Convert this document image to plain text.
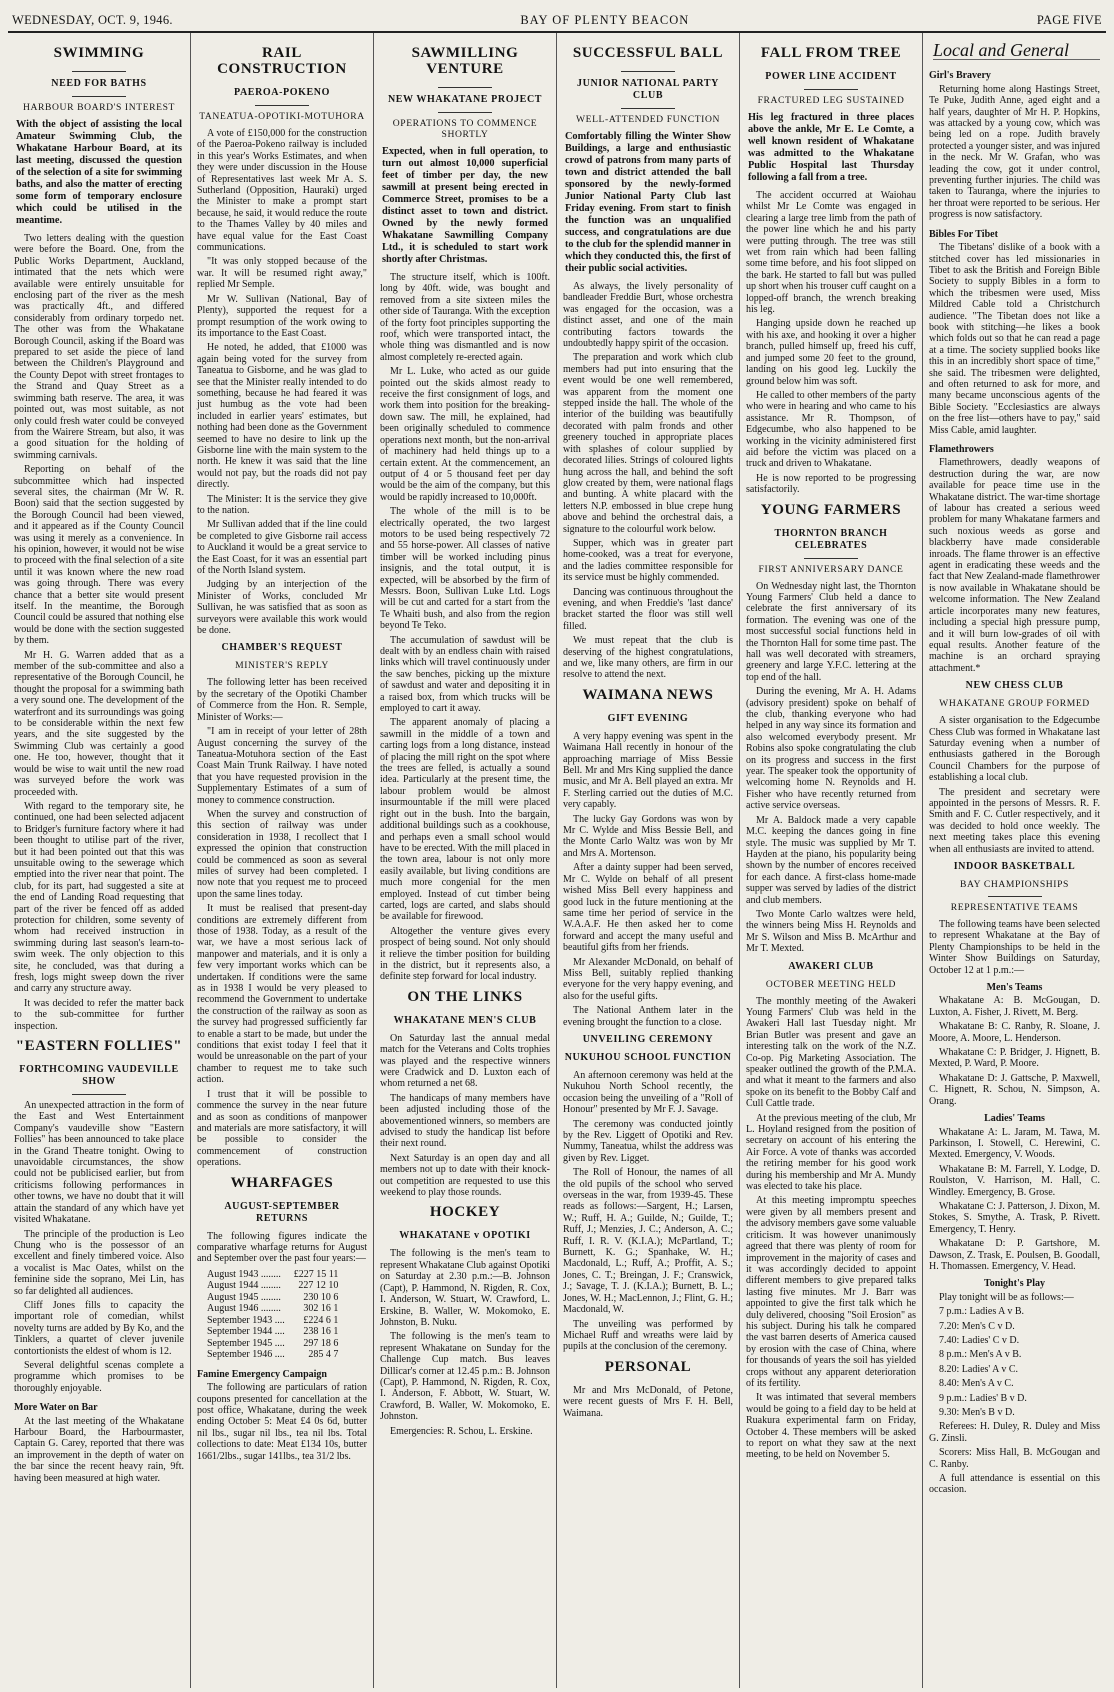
WEDNESDAY, OCT. 9, 1946.	BAY OF PLENTY BEACON	PAGE FIVE
SWIMMING
NEED FOR BATHS
HARBOUR BOARD'S INTEREST
With the object of assisting the local Amateur Swimming Club, the Whakatane Harbour Board, at its last meeting, discussed the question of the selection of a site for swimming baths, and also the matter of erecting some form of temporary enclosure which could be utilised in the meantime.

Two letters dealing with the question were before the Board. One, from the Public Works Department, Auckland, intimated that the nets which were available were entirely unsuitable for enclosing part of the river as the mesh was practically 4ft., and differed considerably from ordinary torpedo net. The other was from the Whakatane Borough Council, asking if the Board was prepared to set aside the piece of land between the Children's Playground and the County Depot with street frontages to the Strand and Quay Street as a swimming bath reserve. The area, it was pointed out, was most suitable, as not only could fresh water could be conveyed from the Wairere Stream, but also, it was a good situation for the holding of swimming carnivals.

Reporting on behalf of the subcommittee which had inspected several sites, the chairman (Mr W. R. Boon) said that the section suggested by the Borough Council had been viewed, and it appeared as if the County Council was using it merely as a convenience. In his opinion, however, it would not be wise to proceed with the final selection of a site until it was known where the new road was going through. There was every chance that a better site would present itself. In the meantime, the Borough Council could be assured that nothing else would be done with the section suggested by them.

Mr H. G. Warren added that as a member of the sub-committee and also a representative of the Borough Council, he thought the proposal for a swimming bath a very sound one. The development of the waterfront and its surroundings was going to be considerable within the next few years, and the site suggested by the Swimming Club was certainly a good one. He too, however, thought that it would be wise to wait until the new road was surveyed before the work was proceeded with.

With regard to the temporary site, he continued, one had been selected adjacent to Bridger's furniture factory where it had been thought to utilise part of the river, but it had been pointed out that this was unsuitable owing to the sewerage which emptied into the river near that point. The club, for its part, had suggested a site at the end of Landing Road requesting that part of the river be fenced off as added protection for children, some seventy of whom had received instruction in swimming during last season's learn-to-swim week. The only objection to this site, he concluded, was that during a fresh, logs might sweep down the river and carry any structure away.

It was decided to refer the matter back to the sub-committee for further inspection.

"EASTERN FOLLIES"
FORTHCOMING VAUDEVILLE SHOW

An unexpected attraction in the form of the East and West Entertainment Company's vaudeville show "Eastern Follies" has been announced to take place in the Grand Theatre tonight. Owing to unavoidable circumstances, the show could not be publicised earlier, but from criticisms following performances in other towns, we have no doubt that it will attain the standard of any which have yet visited Whakatane.

The principle of the production is Leo Chung who is the possessor of an excellent and finely timbered voice. Also a vocalist is Mac Oates, whilst on the feminine side the soprano, Mei Lin, has so far delighted all audiences.

Cliff Jones fills to capacity the important role of comedian, whilst novelty turns are added by By Ko, and the Tinklers, a quartet of clever juvenile contortionists the eldest of whom is 12.

Several delightful scenas complete a programme which promises to be thoroughly enjoyable.

More Water on Bar

At the last meeting of the Whakatane Harbour Board, the Harbourmaster, Captain G. Carey, reported that there was an improvement in the depth of water on the bar since the recent heavy rain, 9ft. having been measured at high water.

RAIL CONSTRUCTION
PAEROA-POKENO
TANEATUA-OPOTIKI-MOTUHORA

A vote of £150,000 for the construction of the Paeroa-Pokeno railway is included in this year's Works Estimates, and when they were under discussion in the House of Representatives last week Mr A. S. Sutherland (Opposition, Hauraki) urged the Minister to make a prompt start because, he said, it would reduce the route to the Thames Valley by 40 miles and have equal value for the East Coast communications.

"It was only stopped because of the war. It will be resumed right away," replied Mr Semple.

Mr W. Sullivan (National, Bay of Plenty), supported the request for a prompt resumption of the work owing to its importance to the East Coast.

He noted, he added, that £1000 was again being voted for the survey from Taneatua to Gisborne, and he was glad to see that the Minister really intended to do something, because he had feared it was just humbug as the vote had been included in earlier years' estimates, but nothing had been done as the Government seemed to have no desire to link up the Gisborne line with the main system to the north. He knew it was said that the line would not pay, but the roads did not pay directly.

The Minister: It is the service they give to the nation.

Mr Sullivan added that if the line could be completed to give Gisborne rail access to Auckland it would be a great service to the East Coast, for it was an essential part of the North Island system.

Judging by an interjection of the Minister of Works, concluded Mr Sullivan, he was satisfied that as soon as surveyors were available this work would be done.

CHAMBER'S REQUEST
MINISTER'S REPLY

The following letter has been received by the secretary of the Opotiki Chamber of Commerce from the Hon. R. Semple, Minister of Works:—

"I am in receipt of your letter of 28th August concerning the survey of the Taneatua-Motuhora section of the East Coast Main Trunk Railway. I have noted that you have requested provision in the Supplementary Estimates of a sum of money to commence construction.

When the survey and construction of this section of railway was under consideration in 1938, I recollect that I expressed the opinion that construction could be commenced as soon as several miles of survey had been completed. I now note that you request me to proceed upon the same lines today.

It must be realised that present-day conditions are extremely different from those of 1938. Today, as a result of the war, we have a most serious lack of manpower and materials, and it is only a few very important works which can be undertaken. If conditions were the same as in 1938 I would be very pleased to recommend the Government to undertake the construction of the railway as soon as the survey had progressed sufficiently far to enable a start to be made, but under the conditions that exist today I feel that it would be unreasonable on the part of your chamber to request me to take such action.

I trust that it will be possible to commence the survey in the near future and as soon as conditions of manpower and materials are more satisfactory, it will be possible to consider the commencement of construction operations.

WHARFAGES
AUGUST-SEPTEMBER RETURNS

The following figures indicate the comparative wharfage returns for August and September over the past four years:—

August 1943 ........	£227 15 11
August 1944 ........	227 12 10
August 1945 ........	230 10 6
August 1946 ........	302 16 1
September 1943 ....	£224 6 1
September 1944 ....	238 16 1
September 1945 ....	297 18 6
September 1946 ....	285 4 7
Famine Emergency Campaign

The following are particulars of ration coupons presented for cancellation at the post office, Whakatane, during the week ending October 5: Meat £4 0s 6d, butter nil lbs., sugar nil lbs., tea nil lbs. Total collections to date: Meat £134 10s, butter 1661/2lbs., sugar 141lbs., tea 31/2 lbs.

SAWMILLING VENTURE
NEW WHAKATANE PROJECT
OPERATIONS TO COMMENCE SHORTLY
Expected, when in full operation, to turn out almost 10,000 superficial feet of timber per day, the new sawmill at present being erected in Commerce Street, promises to be a distinct asset to town and district. Owned by the newly formed Whakatane Sawmilling Company Ltd., it is scheduled to start work shortly after Christmas.

The structure itself, which is 100ft. long by 40ft. wide, was bought and removed from a site sixteen miles the other side of Tauranga. With the exception of the forty foot principles supporting the roof, which were transported intact, the whole thing was dismantled and is now almost completely re-erected again.

Mr L. Luke, who acted as our guide pointed out the skids almost ready to receive the first consignment of logs, and work them into position for the breaking-down saw. The mill, he explained, had been originally scheduled to commence operations next month, but the non-arrival of machinery had held things up to a certain extent. At the commencement, an output of 4 or 5 thousand feet per day would be the aim of the company, but this would be rapidly increased to 10,000ft.

The whole of the mill is to be electrically operated, the two largest motors to be used being respectively 72 and 55 horse-power. All classes of native timber will be worked including pinus insignis, and the total output, it is expected, will be absorbed by the firm of Messrs. Boon, Sullivan Luke Ltd. Logs will be cut and carted for a start from the Te Whaiti bush, and also from the region beyond Te Teko.

The accumulation of sawdust will be dealt with by an endless chain with raised links which will travel continuously under the saw benches, picking up the mixture of sawdust and water and depositing it in a raised box, from which trucks will be employed to cart it away.

The apparent anomaly of placing a sawmill in the middle of a town and carting logs from a long distance, instead of placing the mill right on the spot where the trees are felled, is actually a sound idea. Particularly at the present time, the labour problem would be almost insurmountable if the mill were placed right out in the bush. Into the bargain, additional buildings such as a cookhouse, and perhaps even a small school would have to be erected. With the mill placed in the town area, labour is not only more easily available, but living conditions are much more congenial for the men employed. Instead of cut timber being carted, logs are carted, and slabs should be available for firewood.

Altogether the venture gives every prospect of being sound. Not only should it relieve the timber position for building in the district, but it represents also, a definite step forward for local industry.

ON THE LINKS
WHAKATANE MEN'S CLUB

On Saturday last the annual medal match for the Veterans and Colts trophies was played and the respective winners were Cradwick and D. Luxton each of whom returned a net 68.

The handicaps of many members have been adjusted including those of the abovementioned winners, so members are advised to study the handicap list before their next round.

Next Saturday is an open day and all members not up to date with their knock-out competition are requested to use this weekend to play those rounds.

HOCKEY
WHAKATANE v OPOTIKI

The following is the men's team to represent Whakatane Club against Opotiki on Saturday at 2.30 p.m.:—B. Johnson (Capt), P. Hammond, N. Rigden, R. Cox, I. Anderson, W. Stuart, W. Crawford, L. Erskine, B. Waller, W. Mokomoko, E. Johnston, B. Nuku.

The following is the men's team to represent Whakatane on Sunday for the Challenge Cup match. Bus leaves Dillicar's corner at 12.45 p.m.: B. Johnson (Capt), P. Hammond, N. Rigden, R. Cox, I. Anderson, F. Abbott, W. Stuart, W. Crawford, B. Waller, W. Mokomoko, E. Johnston.

Emergencies: R. Schou, L. Erskine.

SUCCESSFUL BALL
JUNIOR NATIONAL PARTY CLUB
WELL-ATTENDED FUNCTION
Comfortably filling the Winter Show Buildings, a large and enthusiastic crowd of patrons from many parts of town and district attended the ball sponsored by the newly-formed Junior National Party Club last Friday evening. From start to finish the function was an unqualified success, and congratulations are due to the club for the splendid manner in which they conducted this, the first of their public social activities.

As always, the lively personality of bandleader Freddie Burt, whose orchestra was engaged for the occasion, was a distinct asset, and one of the main contributing factors towards the undoubtedly happy spirit of the occasion.

The preparation and work which club members had put into ensuring that the event would be one well remembered, was apparent from the moment one stepped inside the hall. The whole of the interior of the building was beautifully decorated with palm fronds and other greenery touched in appropriate places with splashes of colour supplied by decorated lilies. Strings of coloured lights hung across the hall, and behind the soft glow created by them, were national flags and bunting. A white placard with the letters N.P. embossed in blue crepe hung above and behind the orchestral dais, a signature to the colourful work below.

Supper, which was in greater part home-cooked, was a treat for everyone, and the ladies committee responsible for its service must be highly commended.

Dancing was continuous throughout the evening, and when Freddie's 'last dance' bracket started the floor was still well filled.

We must repeat that the club is deserving of the highest congratulations, and we, like many others, are firm in our resolve to attend the next.

WAIMANA NEWS
GIFT EVENING

A very happy evening was spent in the Waimana Hall recently in honour of the approaching marriage of Miss Bessie Bell. Mr and Mrs King supplied the dance music, and Mr A. Bell played an extra. Mr F. Sterling carried out the duties of M.C. very capably.

The lucky Gay Gordons was won by Mr C. Wylde and Miss Bessie Bell, and the Monte Carlo Waltz was won by Mr and Mrs A. Mortenson.

After a dainty supper had been served, Mr C. Wylde on behalf of all present wished Miss Bell every happiness and good luck in the future mentioning at the same time her period of service in the W.A.A.F. He then asked her to come forward and accept the many useful and beautiful gifts from her friends.

Mr Alexander McDonald, on behalf of Miss Bell, suitably replied thanking everyone for the very happy evening, and also for the useful gifts.

The National Anthem later in the evening brought the function to a close.

UNVEILING CEREMONY
NUKUHOU SCHOOL FUNCTION

An afternoon ceremony was held at the Nukuhou North School recently, the occasion being the unveiling of a "Roll of Honour" presented by Mr F. J. Savage.

The ceremony was conducted jointly by the Rev. Liggett of Opotiki and Rev. Nummy, Taneatua, whilst the address was given by Rev. Ligget.

The Roll of Honour, the names of all the old pupils of the school who served overseas in the war, from 1939-45. These reads as follows:—Sargent, H.; Larsen, W.; Ruff, H. A.; Guilde, N.; Guilde, T.; Ruff, J.; Menzies, J. C.; Anderson, A. C.; Ruff, I. R. V. (K.I.A.); McPartland, T.; Burnett, K. G.; Spanhake, W. H.; Macdonald, L.; Ruff, A.; Proffit, A. S.; Jones, C. T.; Breingan, J. F.; Cranswick, J.; Savage, T. J. (K.I.A.); Burnett, B. L.; Jones, W. H.; MacLennon, J.; Flint, G. H.; Macdonald, W.

The unveiling was performed by Michael Ruff and wreaths were laid by pupils at the conclusion of the ceremony.

PERSONAL

Mr and Mrs McDonald, of Petone, were recent guests of Mrs F. H. Bell, Waimana.

FALL FROM TREE
POWER LINE ACCIDENT
FRACTURED LEG SUSTAINED
His leg fractured in three places above the ankle, Mr E. Le Comte, a well known resident of Whakatane was admitted to the Whakatane Public Hospital last Thursday following a fall from a tree.

The accident occurred at Waiohau whilst Mr Le Comte was engaged in clearing a large tree limb from the path of the power line which he and his party were putting through. The tree was still wet from rain which had been falling some time before, and his foot slipped on the bark. He started to fall but was pulled up short when his trouser cuff caught on a lopped-off branch, the wrench breaking his leg.

Hanging upside down he reached up with his axe, and hooking it over a higher branch, pulled himself up, freed his cuff, and jumped some 20 feet to the ground, landing on his good leg. Luckily the ground below him was soft.

He called to other members of the party who were in hearing and who came to his assistance. Mr R. Thompson, of Edgecumbe, who also happened to be working in the vicinity administered first aid before the victim was placed on a truck and driven to Whakatane.

He is now reported to be progressing satisfactorily.

YOUNG FARMERS
THORNTON BRANCH CELEBRATES
FIRST ANNIVERSARY DANCE

On Wednesday night last, the Thornton Young Farmers' Club held a dance to celebrate the first anniversary of its formation. The evening was one of the most successful social functions held in the Thornton Hall for some time past. The hall was well decorated with streamers, greenery and large Y.F.C. lettering at the top end of the hall.

During the evening, Mr A. H. Adams (advisory president) spoke on behalf of the club, thanking everyone who had helped in any way since its formation and also welcomed everybody present. Mr Robins also spoke congratulating the club on its progress and success in the first year. The speaker took the opportunity of welcoming home N. Reynolds and H. Fisher who have recently returned from active service overseas.

Mr A. Baldock made a very capable M.C. keeping the dances going in fine style. The music was supplied by Mr T. Hayden at the piano, his popularity being shown by the number of encores received for each dance. A first-class home-made supper was served by ladies of the district and club members.

Two Monte Carlo waltzes were held, the winners being Miss H. Reynolds and Mr S. Wilson and Miss B. McArthur and Mr T. Mexted.

AWAKERI CLUB
OCTOBER MEETING HELD

The monthly meeting of the Awakeri Young Farmers' Club was held in the Awakeri Hall last Tuesday night. Mr Brian Butler was present and gave an interesting talk on the work of the N.Z. Co-op. Pig Marketing Association. The speaker outlined the growth of the P.M.A. and what it meant to the farmers and also spoke on its benefit to the Bobby Calf and Cull Cattle trade.

At the previous meeting of the club, Mr L. Hoyland resigned from the position of secretary on account of his entering the Air Force. A vote of thanks was accorded the retiring member for his good work during his membership and Mr A. Mundy was elected to take his place.

At this meeting impromptu speeches were given by all members present and the advisory members gave some valuable criticism. It was however unanimously agreed that there was plenty of room for improvement in the majority of cases and it was accordingly decided to appoint different members to give prepared talks lasting five minutes. Mr J. Barr was appointed to give the first talk which he duly delivered, choosing "Soil Erosion" as his subject. During his talk he compared the vast barren deserts of America caused by erosion with the case of China, where for thousands of years the soil has yielded crops without any apparent deterioration of its fertility.

It was intimated that several members would be going to a field day to be held at Ruakura experimental farm on Friday, October 4. These members will be asked to report on what they saw at the next meeting, to be held on November 5.

Local and General
Girl's Bravery

Returning home along Hastings Street, Te Puke, Judith Anne, aged eight and a half years, daughter of Mr H. P. Hopkins, was attacked by a young cow, which was being led on a rope. Judith bravely protected a younger sister, and was injured in the neck. Mr W. Grafan, who was leading the cow, got it under control, preventing further injuries. The child was taken to Tauranga, where the injuries to her throat were reported to be serious. Her progress is now satisfactory.

Bibles For Tibet

The Tibetans' dislike of a book with a stitched cover has led missionaries in Tibet to ask the British and Foreign Bible Society to supply Bibles in a form to which the tribesmen were used, Miss Mildred Cable told a Christchurch audience. "The Tibetan does not like a book with stitching—he likes a book which folds out so that he can read a page at a time. The society supplied books like this in an incredibly short space of time," she said. The tribesmen were delighted, and often returned to ask for more, and many became unconscious agents of the Bible Society. "Ecclesiastics are always on the free list—others have to pay," said Miss Cable, amid laughter.

Flamethrowers

Flamethrowers, deadly weapons of destruction during the war, are now available for peace time use in the Whakatane district. The war-time shortage of labour has created a serious weed problem for many Whakatane farmers and such noxious weeds as gorse and blackberry have made considerable inroads. The flame thrower is an effective agent in eradicating these weeds and the fact that New Zealand-made flamethrower is now available in Whakatane should be welcome information. The New Zealand article incorporates many new features, including a special high pressure pump, and it will burn low-grades of oil with equal results. Another feature of the machine is an orchard spraying attachment.*

NEW CHESS CLUB
WHAKATANE GROUP FORMED

A sister organisation to the Edgecumbe Chess Club was formed in Whakatane last Saturday evening when a number of enthusiasts gathered in the Borough Council Chambers for the purpose of establishing a local club.

The president and secretary were appointed in the persons of Messrs. R. F. Smith and F. C. Cutler respectively, and it was decided to hold once weekly. The next meeting takes place this evening when all enthusiasts are invited to attend.

INDOOR BASKETBALL
BAY CHAMPIONSHIPS
REPRESENTATIVE TEAMS

The following teams have been selected to represent Whakatane at the Bay of Plenty Championships to be held in the Winter Show Buildings on Saturday, October 12 at 1 p.m.:—

Men's Teams

Whakatane A: B. McGougan, D. Luxton, A. Fisher, J. Rivett, M. Berg.

Whakatane B: C. Ranby, R. Sloane, J. Moore, A. Moore, L. Henderson.

Whakatane C: P. Bridger, J. Hignett, B. Mexted, P. Ward, P. Moore.

Whakatane D: J. Gattsche, P. Maxwell, C. Hignett, R. Schou, N. Simpson, A. Orang.

Ladies' Teams

Whakatane A: L. Jaram, M. Tawa, M. Parkinson, I. Stowell, C. Herewini, C. Mexted. Emergency, V. Woods.

Whakatane B: M. Farrell, Y. Lodge, D. Roulston, V. Harrison, M. Hall, C. Windley. Emergency, B. Grose.

Whakatane C: J. Patterson, J. Dixon, M. Stokes, S. Smythe, A. Trask, P. Rivett. Emergency, T. Henry.

Whakatane D: P. Gartshore, M. Dawson, Z. Trask, E. Poulsen, B. Goodall, H. Thomassen. Emergency, V. Head.

Tonight's Play

Play tonight will be as follows:—

7 p.m.: Ladies A v B.

7.20: Men's C v D.

7.40: Ladies' C v D.

8 p.m.: Men's A v B.

8.20: Ladies' A v C.

8.40: Men's A v C.

9 p.m.: Ladies' B v D.

9.30: Men's B v D.

Referees: H. Duley, R. Duley and Miss G. Zinsli.

Scorers: Miss Hall, B. McGougan and C. Ranby.

A full attendance is essential on this occasion.
